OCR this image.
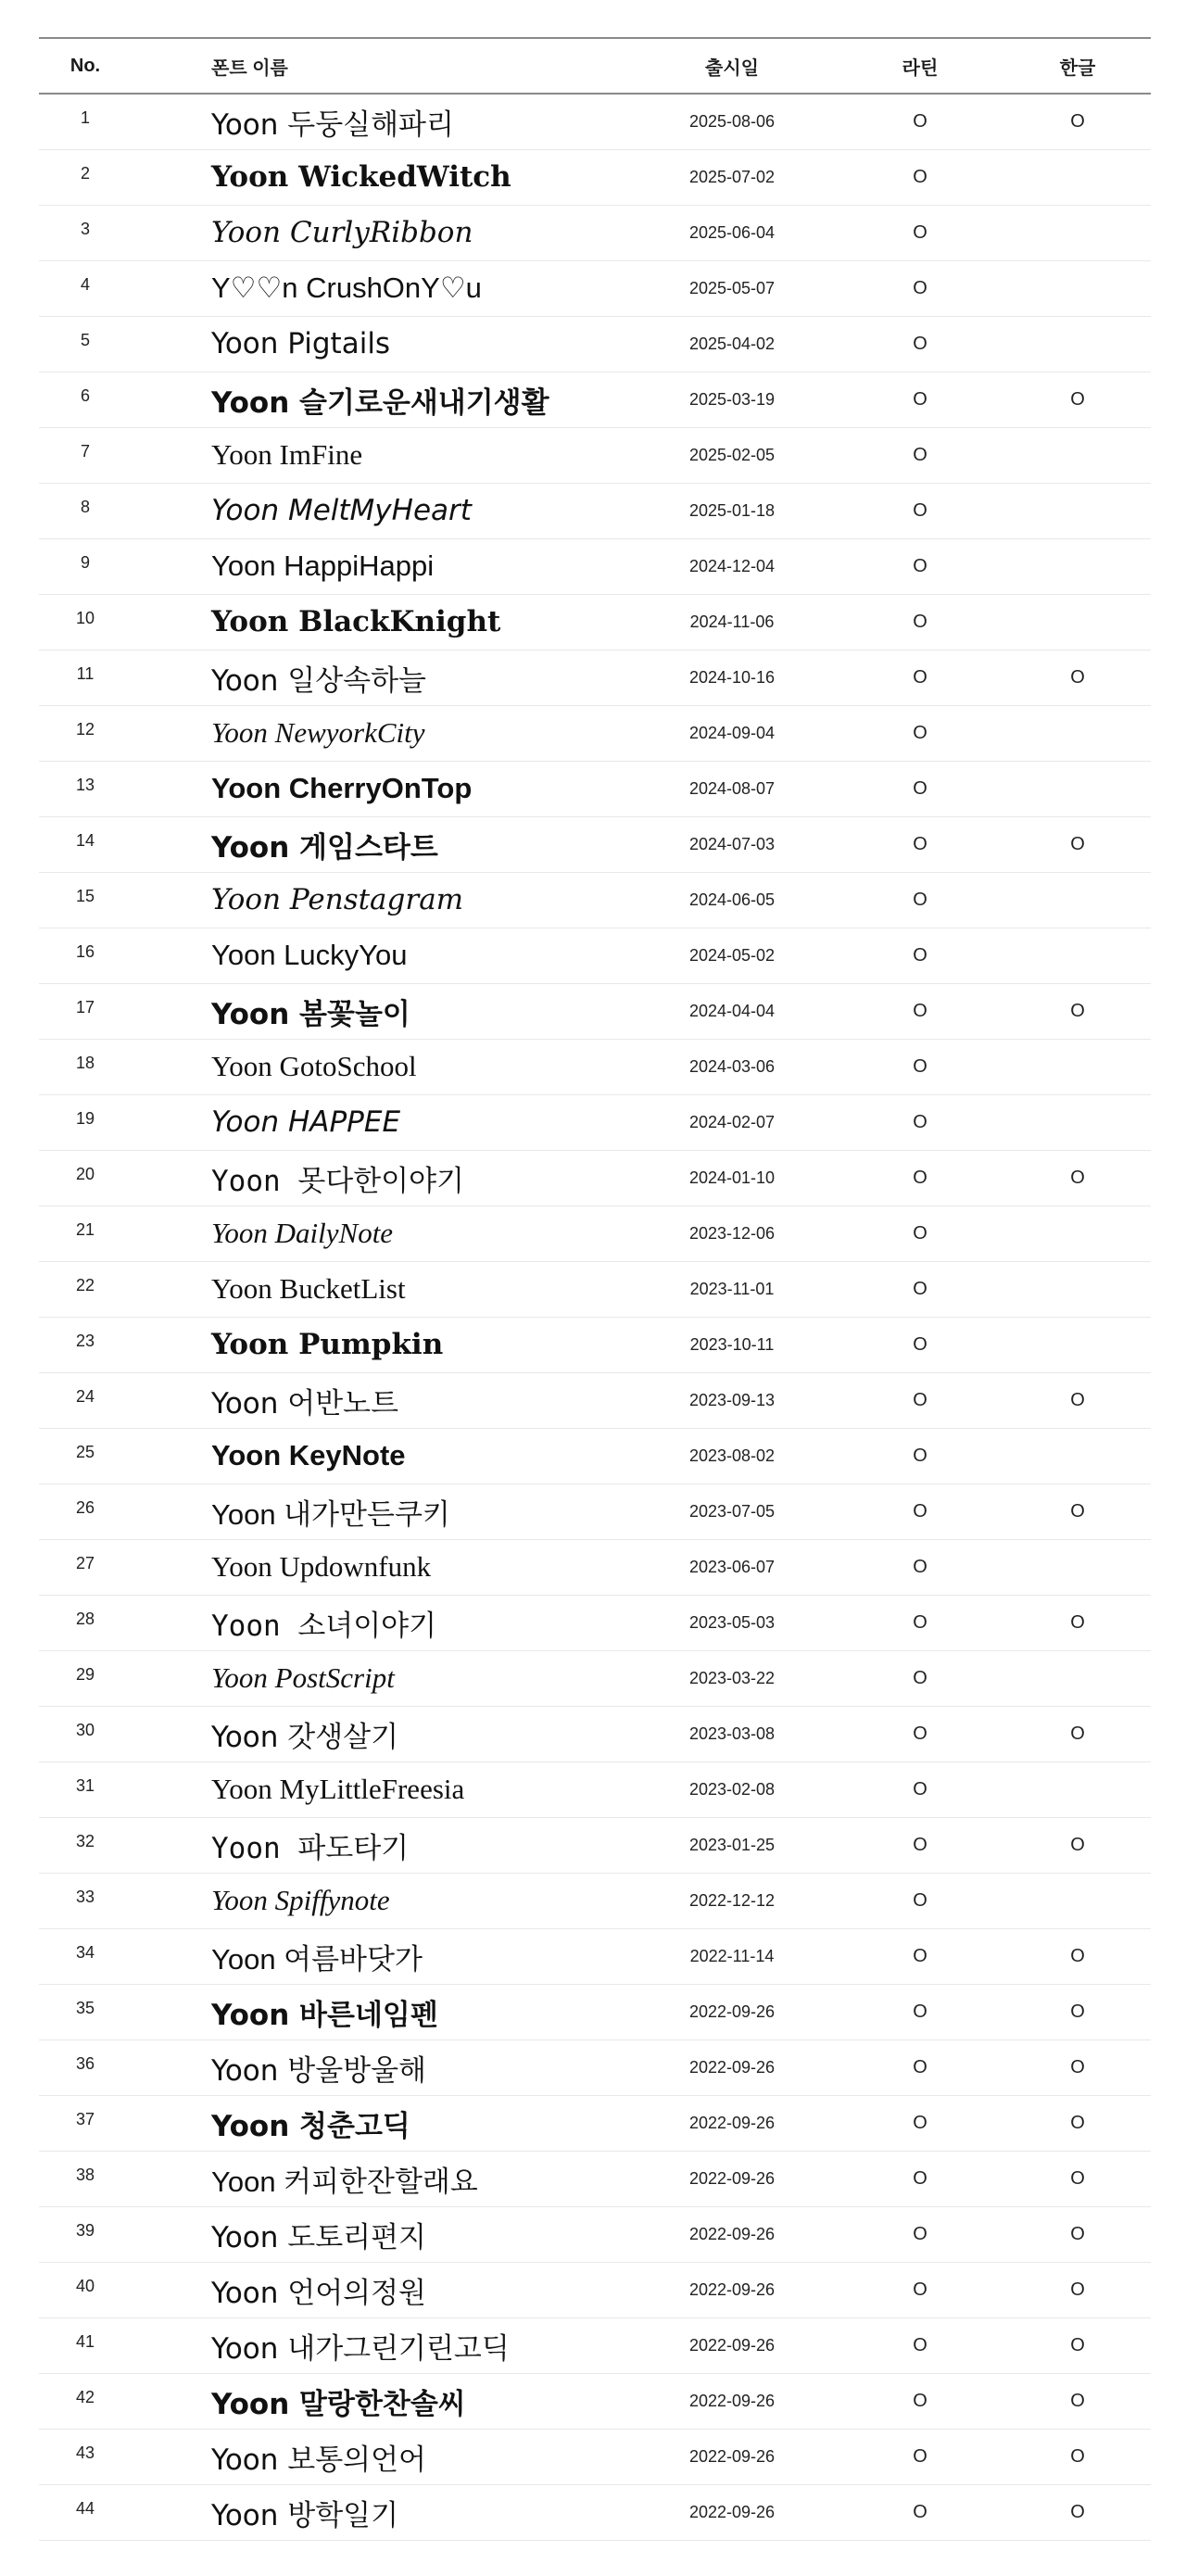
No.	폰트 이름	출시일	라틴	한글
1	Yoon 두둥실해파리	2025-08-06	O	O
2	Yoon WickedWitch	2025-07-02	O	
3	Yoon CurlyRibbon	2025-06-04	O	
4	Y♡♡n CrushOnY♡u	2025-05-07	O	
5	Yoon Pigtails	2025-04-02	O	
6	Yoon 슬기로운새내기생활	2025-03-19	O	O
7	Yoon ImFine	2025-02-05	O	
8	Yoon MeltMyHeart	2025-01-18	O	
9	Yoon HappiHappi	2024-12-04	O	
10	Yoon BlackKnight	2024-11-06	O	
11	Yoon 일상속하늘	2024-10-16	O	O
12	Yoon NewyorkCity	2024-09-04	O	
13	Yoon CherryOnTop	2024-08-07	O	
14	Yoon 게임스타트	2024-07-03	O	O
15	Yoon Penstagram	2024-06-05	O	
16	Yoon LuckyYou	2024-05-02	O	
17	Yoon 봄꽃놀이	2024-04-04	O	O
18	Yoon GotoSchool	2024-03-06	O	
19	Yoon HAPPEE	2024-02-07	O	
20	Yoon 못다한이야기	2024-01-10	O	O
21	Yoon DailyNote	2023-12-06	O	
22	Yoon BucketList	2023-11-01	O	
23	Yoon Pumpkin	2023-10-11	O	
24	Yoon 어반노트	2023-09-13	O	O
25	Yoon KeyNote	2023-08-02	O	
26	Yoon 내가만든쿠키	2023-07-05	O	O
27	Yoon Updownfunk	2023-06-07	O	
28	Yoon 소녀이야기	2023-05-03	O	O
29	Yoon PostScript	2023-03-22	O	
30	Yoon 갓생살기	2023-03-08	O	O
31	Yoon MyLittleFreesia	2023-02-08	O	
32	Yoon 파도타기	2023-01-25	O	O
33	Yoon Spiffynote	2022-12-12	O	
34	Yoon 여름바닷가	2022-11-14	O	O
35	Yoon 바른네임펜	2022-09-26	O	O
36	Yoon 방울방울해	2022-09-26	O	O
37	Yoon 청춘고딕	2022-09-26	O	O
38	Yoon 커피한잔할래요	2022-09-26	O	O
39	Yoon 도토리편지	2022-09-26	O	O
40	Yoon 언어의정원	2022-09-26	O	O
41	Yoon 내가그린기린고딕	2022-09-26	O	O
42	Yoon 말랑한찬솔씨	2022-09-26	O	O
43	Yoon 보통의언어	2022-09-26	O	O
44	Yoon 방학일기	2022-09-26	O	O
